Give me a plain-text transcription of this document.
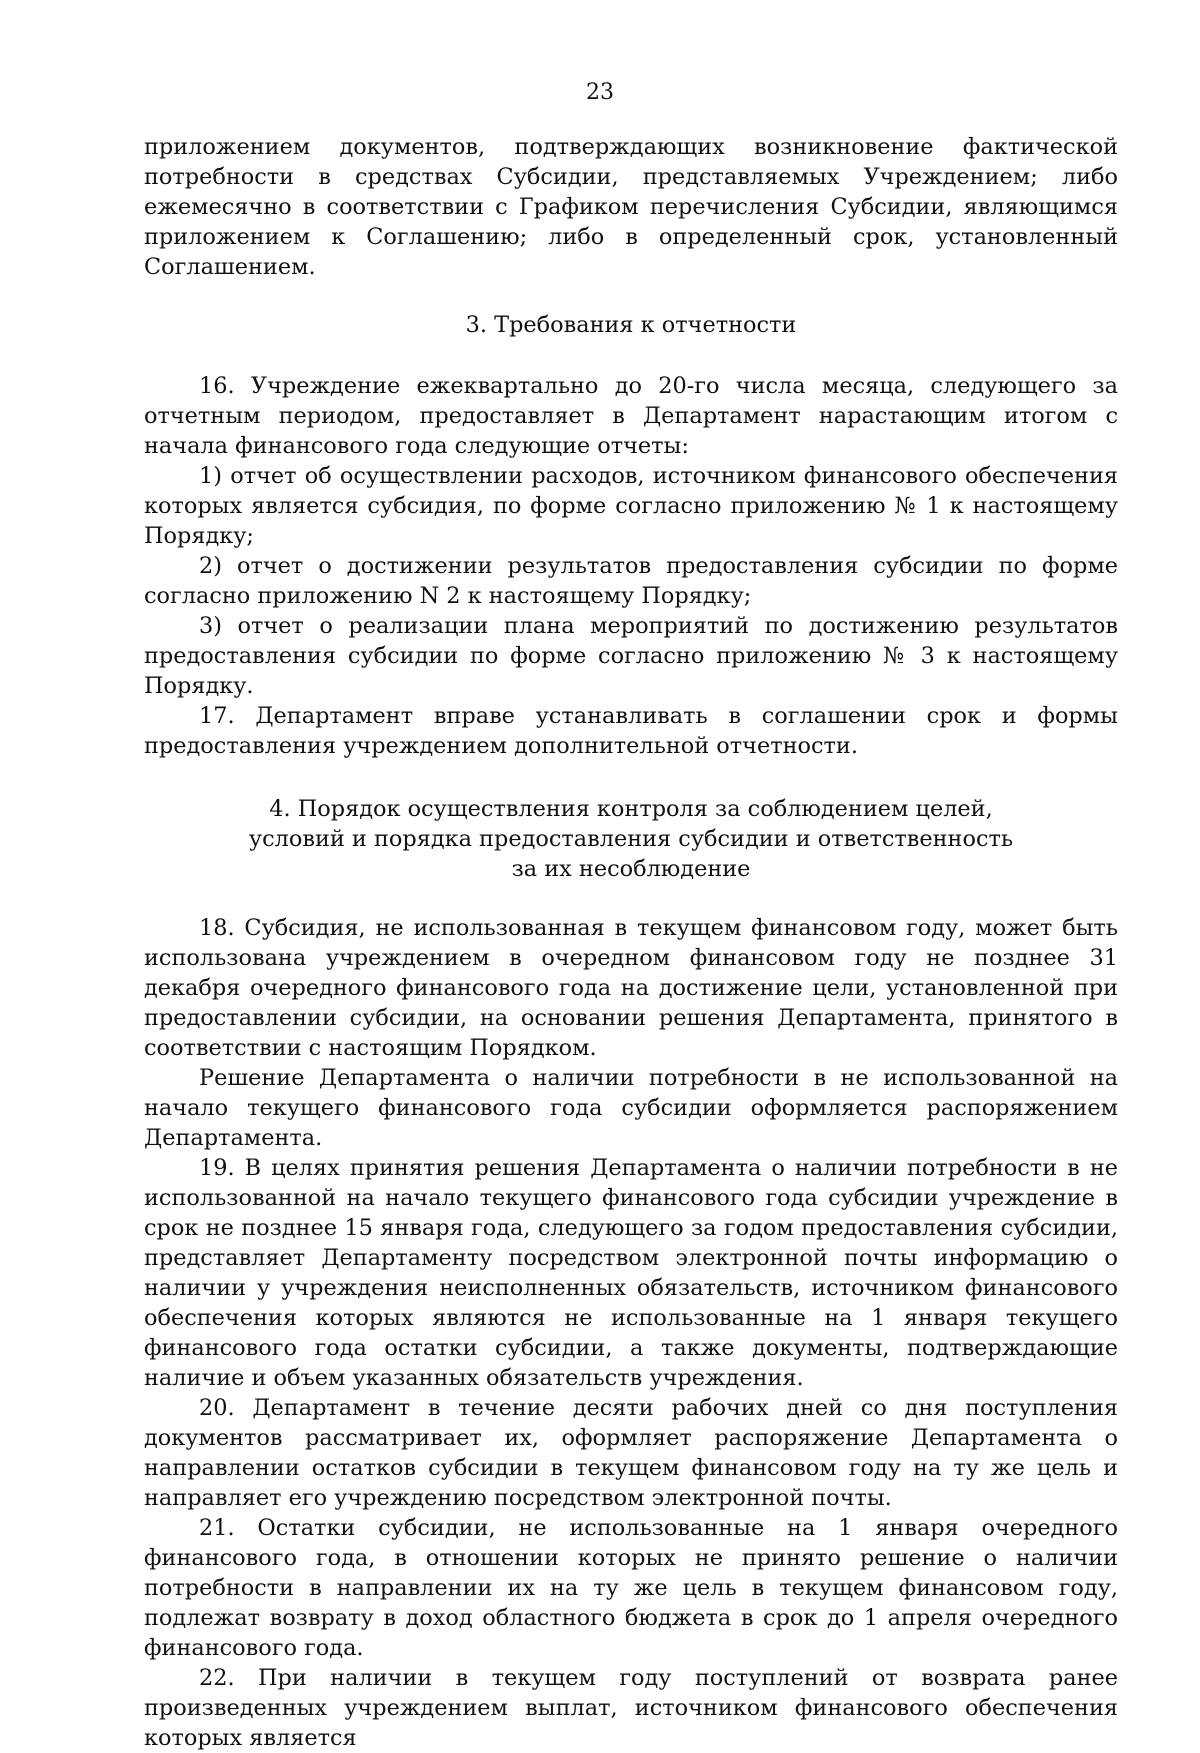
23

приложением документов, подтверждающих возникновение фактической потребности в средствах Субсидии, представляемых Учреждением; либо ежемесячно в соответствии с Графиком перечисления Субсидии, являющимся приложением к Соглашению; либо в определенный срок, установленный Соглашением.

3. Требования к отчетности

16. Учреждение ежеквартально до 20-го числа месяца, следующего за отчетным периодом, предоставляет в Департамент нарастающим итогом с начала финансового года следующие отчеты:

1) отчет об осуществлении расходов, источником финансового обеспечения которых является субсидия, по форме согласно приложению № 1 к настоящему Порядку;

2) отчет о достижении результатов предоставления субсидии по форме согласно приложению N 2 к настоящему Порядку;

3) отчет о реализации плана мероприятий по достижению результатов предоставления субсидии по форме согласно приложению № 3 к настоящему Порядку.

17. Департамент вправе устанавливать в соглашении срок и формы предоставления учреждением дополнительной отчетности.

4. Порядок осуществления контроля за соблюдением целей,
условий и порядка предоставления субсидии и ответственность
за их несоблюдение

18. Субсидия, не использованная в текущем финансовом году, может быть использована учреждением в очередном финансовом году не позднее 31 декабря очередного финансового года на достижение цели, установленной при предоставлении субсидии, на основании решения Департамента, принятого в соответствии с настоящим Порядком.

Решение Департамента о наличии потребности в не использованной на начало текущего финансового года субсидии оформляется распоряжением Департамента.

19. В целях принятия решения Департамента о наличии потребности в не использованной на начало текущего финансового года субсидии учреждение в срок не позднее 15 января года, следующего за годом предоставления субсидии, представляет Департаменту посредством электронной почты информацию о наличии у учреждения неисполненных обязательств, источником финансового обеспечения которых являются не использованные на 1 января текущего финансового года остатки субсидии, а также документы, подтверждающие наличие и объем указанных обязательств учреждения.

20. Департамент в течение десяти рабочих дней со дня поступления документов рассматривает их, оформляет распоряжение Департамента о направлении остатков субсидии в текущем финансовом году на ту же цель и направляет его учреждению посредством электронной почты.

21. Остатки субсидии, не использованные на 1 января очередного финансового года, в отношении которых не принято решение о наличии потребности в направлении их на ту же цель в текущем финансовом году, подлежат возврату в доход областного бюджета в срок до 1 апреля очередного финансового года.

22. При наличии в текущем году поступлений от возврата ранее произведенных учреждением выплат, источником финансового обеспечения которых является
